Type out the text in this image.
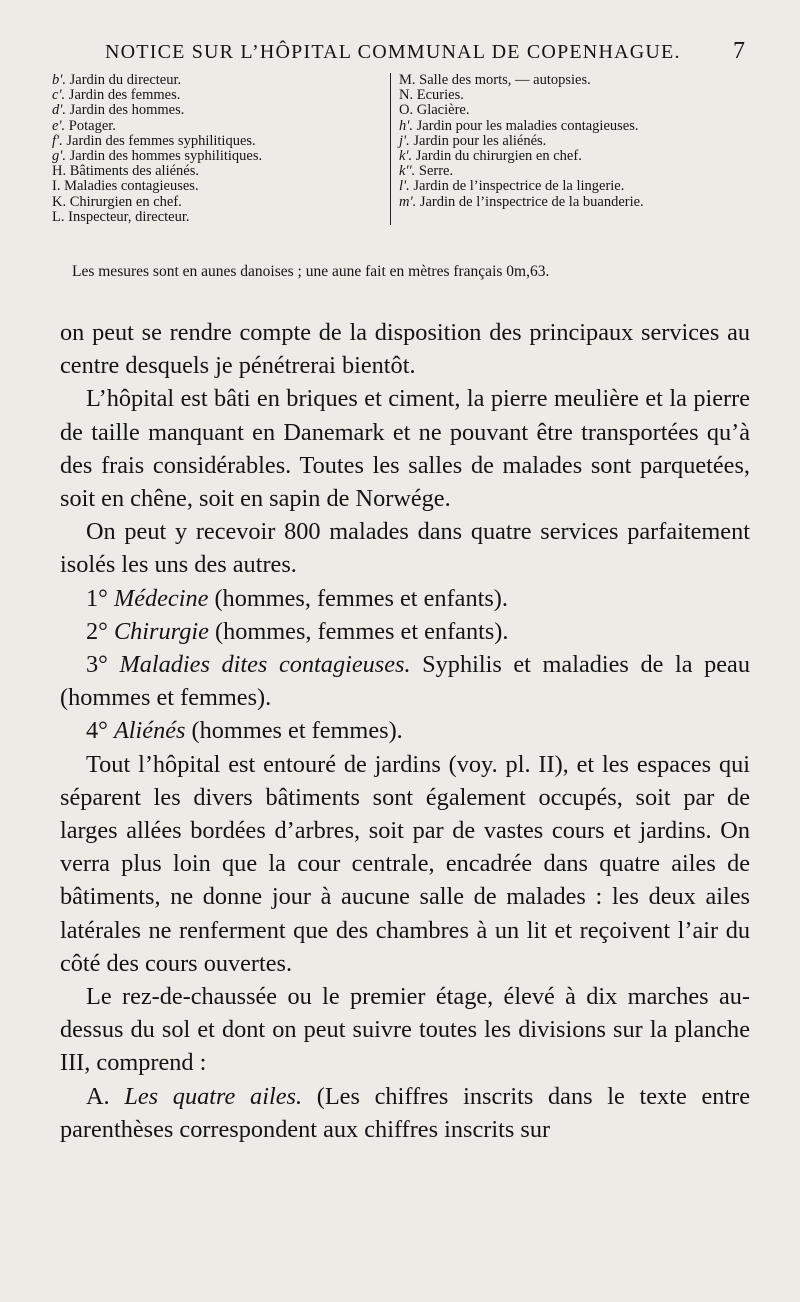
NOTICE SUR L’HÔPITAL COMMUNAL DE COPENHAGUE. 7
b'. Jardin du directeur.
c'. Jardin des femmes.
d'. Jardin des hommes.
e'. Potager.
f'. Jardin des femmes syphilitiques.
g'. Jardin des hommes syphilitiques.
H. Bâtiments des aliénés.
I. Maladies contagieuses.
K. Chirurgien en chef.
L. Inspecteur, directeur.
M. Salle des morts, — autopsies.
N. Ecuries.
O. Glacière.
h'. Jardin pour les maladies contagieuses.
j'. Jardin pour les aliénés.
k'. Jardin du chirurgien en chef.
k''. Serre.
l'. Jardin de l’inspectrice de la lingerie.
m'. Jardin de l’inspectrice de la buanderie.
Les mesures sont en aunes danoises ; une aune fait en mètres français 0m,63.

on peut se rendre compte de la disposition des principaux services au centre desquels je pénétrerai bientôt.

L’hôpital est bâti en briques et ciment, la pierre meulière et la pierre de taille manquant en Danemark et ne pouvant être transportées qu’à des frais considérables. Toutes les salles de malades sont parquetées, soit en chêne, soit en sapin de Norwége.

On peut y recevoir 800 malades dans quatre services parfaitement isolés les uns des autres.

1° Médecine (hommes, femmes et enfants).

2° Chirurgie (hommes, femmes et enfants).

3° Maladies dites contagieuses. Syphilis et maladies de la peau (hommes et femmes).

4° Aliénés (hommes et femmes).

Tout l’hôpital est entouré de jardins (voy. pl. II), et les espaces qui séparent les divers bâtiments sont également occupés, soit par de larges allées bordées d’arbres, soit par de vastes cours et jardins. On verra plus loin que la cour centrale, encadrée dans quatre ailes de bâtiments, ne donne jour à aucune salle de malades : les deux ailes latérales ne renferment que des chambres à un lit et reçoivent l’air du côté des cours ouvertes.

Le rez-de-chaussée ou le premier étage, élevé à dix marches au-dessus du sol et dont on peut suivre toutes les divisions sur la planche III, comprend :

A. Les quatre ailes. (Les chiffres inscrits dans le texte entre parenthèses correspondent aux chiffres inscrits sur
